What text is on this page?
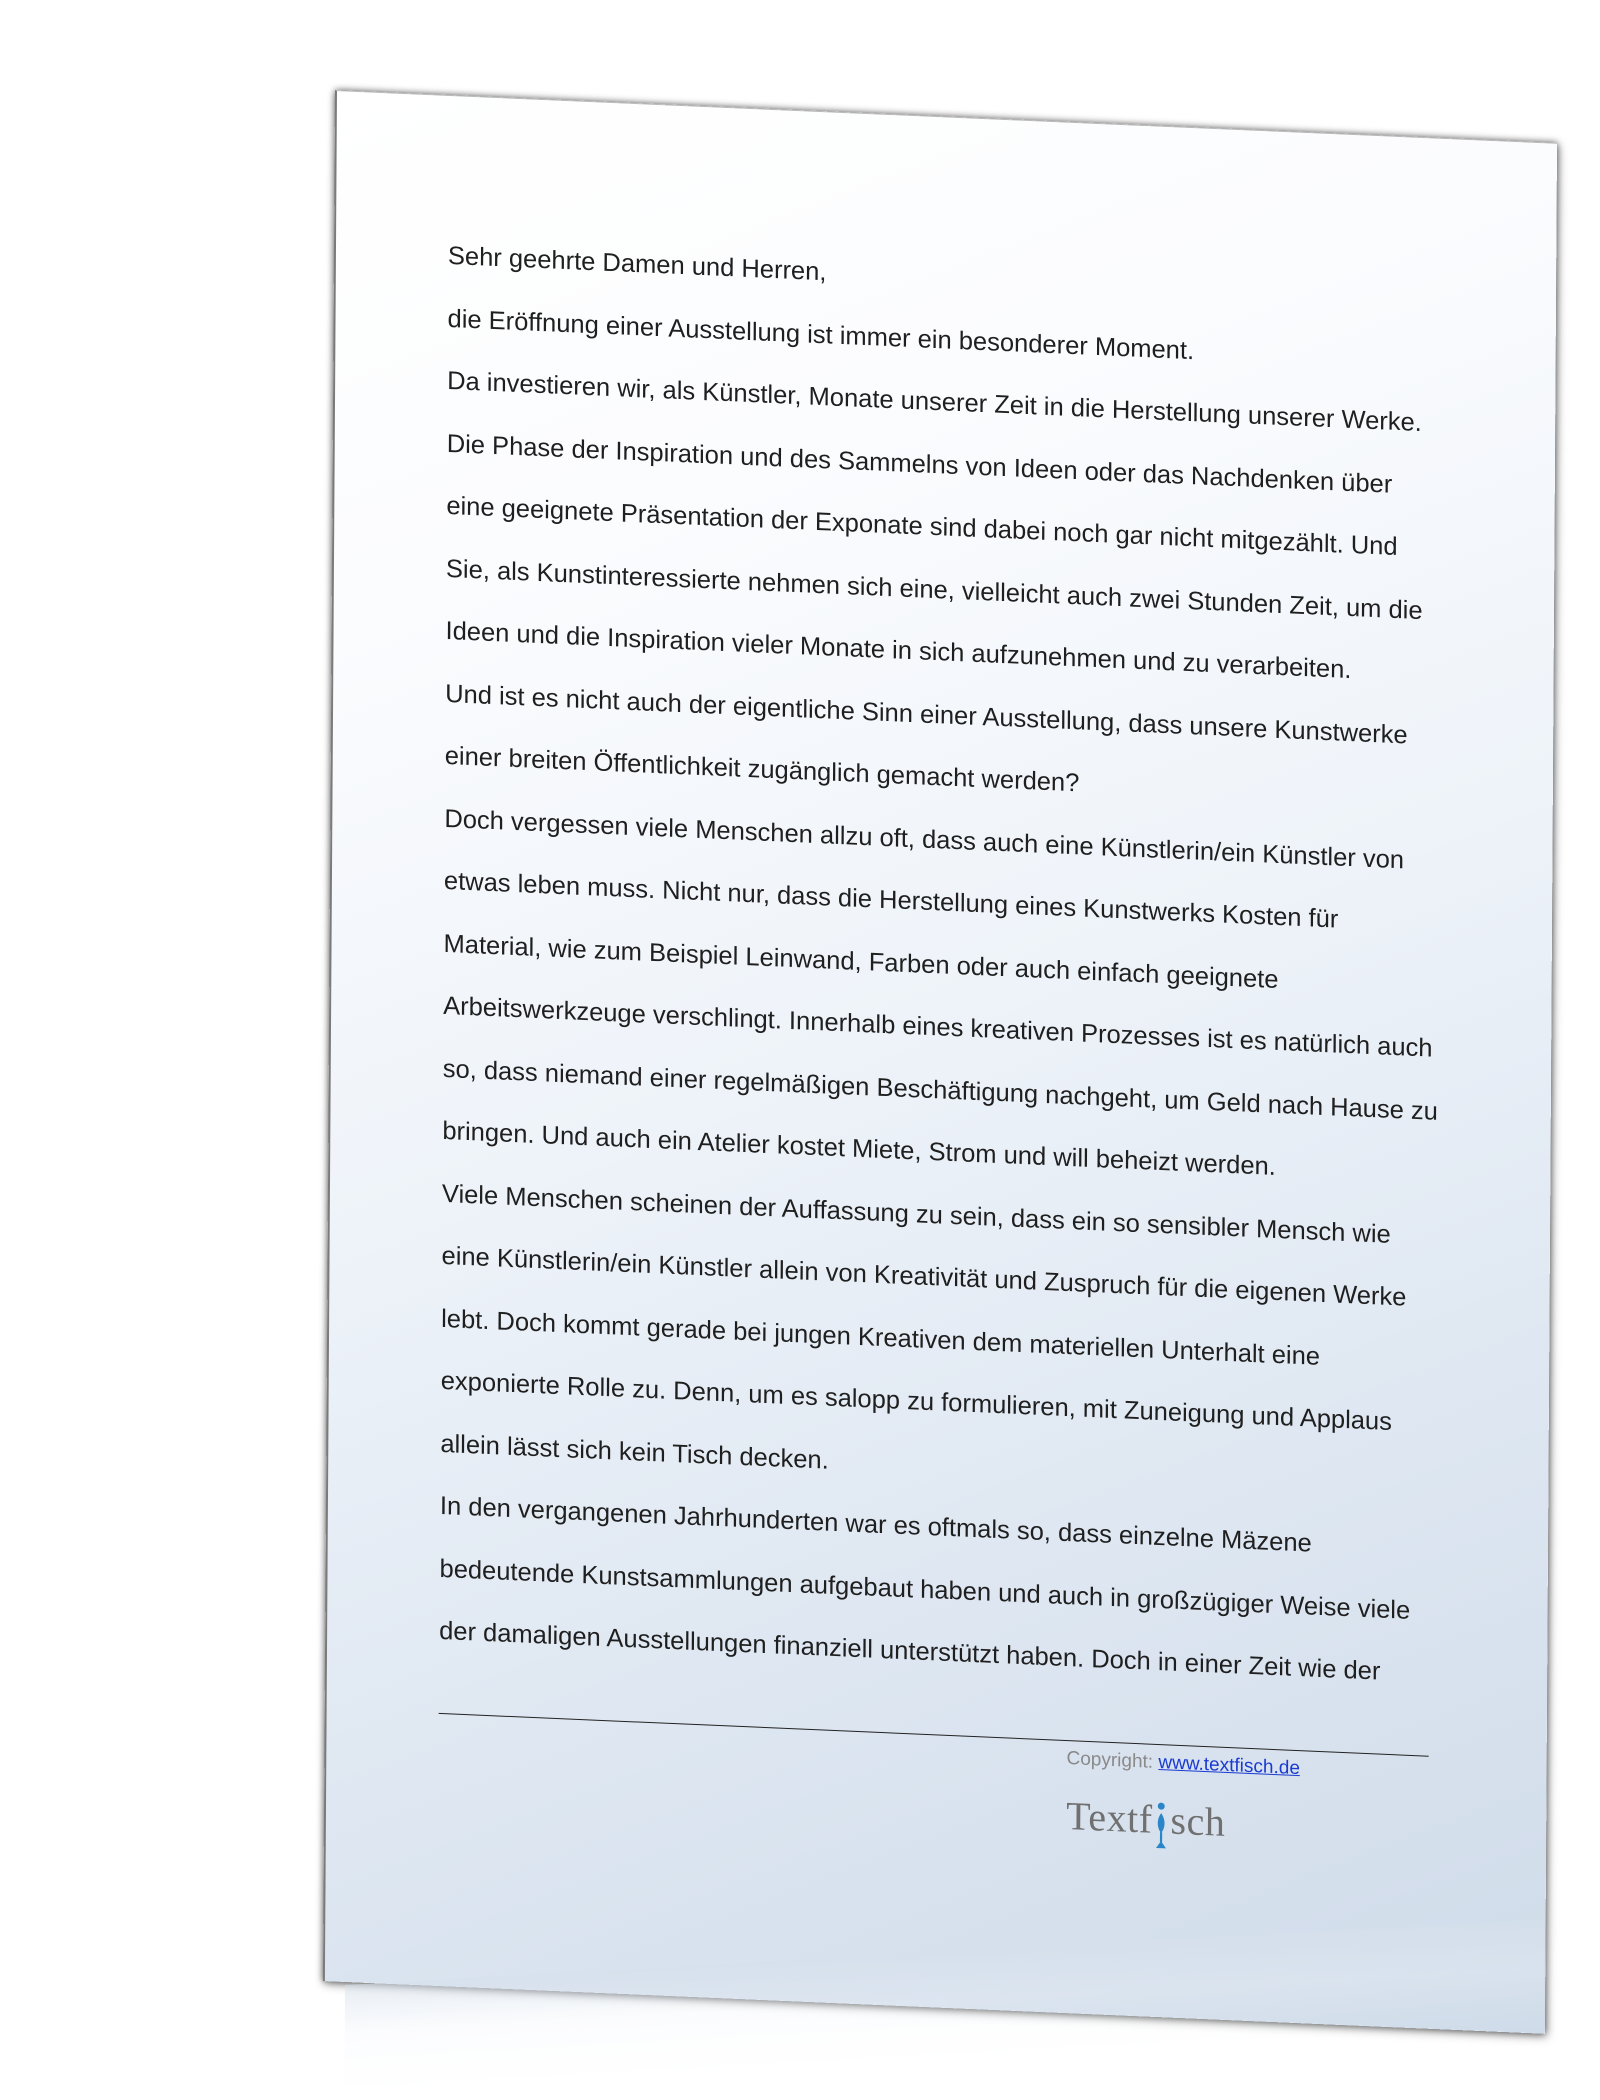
Sehr geehrte Damen und Herren,
die Eröffnung einer Ausstellung ist immer ein besonderer Moment.
Da investieren wir, als Künstler, Monate unserer Zeit in die Herstellung unserer Werke.
Die Phase der Inspiration und des Sammelns von Ideen oder das Nachdenken über
eine geeignete Präsentation der Exponate sind dabei noch gar nicht mitgezählt. Und
Sie, als Kunstinteressierte nehmen sich eine, vielleicht auch zwei Stunden Zeit, um die
Ideen und die Inspiration vieler Monate in sich aufzunehmen und zu verarbeiten.
Und ist es nicht auch der eigentliche Sinn einer Ausstellung, dass unsere Kunstwerke
einer breiten Öffentlichkeit zugänglich gemacht werden?
Doch vergessen viele Menschen allzu oft, dass auch eine Künstlerin/ein Künstler von
etwas leben muss. Nicht nur, dass die Herstellung eines Kunstwerks Kosten für
Material, wie zum Beispiel Leinwand, Farben oder auch einfach geeignete
Arbeitswerkzeuge verschlingt. Innerhalb eines kreativen Prozesses ist es natürlich auch
so, dass niemand einer regelmäßigen Beschäftigung nachgeht, um Geld nach Hause zu
bringen. Und auch ein Atelier kostet Miete, Strom und will beheizt werden.
Viele Menschen scheinen der Auffassung zu sein, dass ein so sensibler Mensch wie
eine Künstlerin/ein Künstler allein von Kreativität und Zuspruch für die eigenen Werke
lebt. Doch kommt gerade bei jungen Kreativen dem materiellen Unterhalt eine
exponierte Rolle zu. Denn, um es salopp zu formulieren, mit Zuneigung und Applaus
allein lässt sich kein Tisch decken.
In den vergangenen Jahrhunderten war es oftmals so, dass einzelne Mäzene
bedeutende Kunstsammlungen aufgebaut haben und auch in großzügiger Weise viele
der damaligen Ausstellungen finanziell unterstützt haben. Doch in einer Zeit wie der
Copyright: www.textfisch.de
Textf sch
